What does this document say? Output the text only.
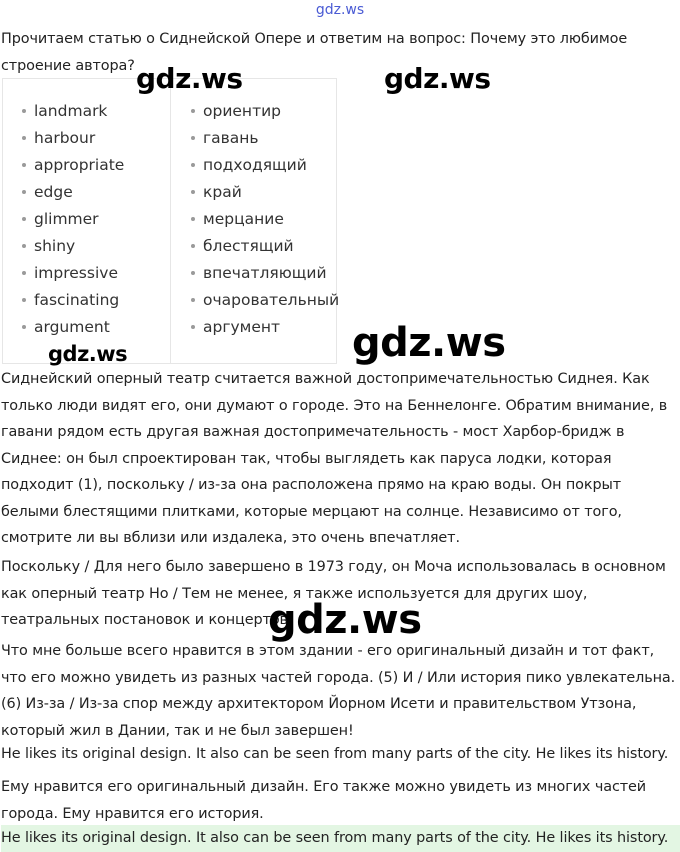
gdz.ws

Прочитаем статью о Сиднейской Опере и ответим на вопрос: Почему это любимое строение автора?

landmark
harbour
appropriate
edge
glimmer
shiny
impressive
fascinating
argument
ориентир
гавань
подходящий
край
мерцание
блестящий
впечатляющий
очаровательный
аргумент

Сиднейский оперный театр считается важной достопримечательностью Сиднея. Как только люди видят его, они думают о городе. Это на Беннелонге. Обратим внимание, в гавани рядом есть другая важная достопримечательность - мост Харбор-бридж в Сиднее: он был спроектирован так, чтобы выглядеть как паруса лодки, которая подходит (1), поскольку / из-за она расположена прямо на краю воды. Он покрыт белыми блестящими плитками, которые мерцают на солнце. Независимо от того, смотрите ли вы вблизи или издалека, это очень впечатляет.

Поскольку / Для него было завершено в 1973 году, он Моча использовалась в основном как оперный театр Но / Тем не менее, я также используется для других шоу, театральных постановок и концертов.

Что мне больше всего нравится в этом здании - его оригинальный дизайн и тот факт, что его можно увидеть из разных частей города. (5) И / Или история пико увлекательна. (6) Из-за / Из-за спор между архитектором Йорном Исети и правительством Утзона, который жил в Дании, так и не был завершен!

He likes its original design. It also can be seen from many parts of the city. He likes its history.

Ему нравится его оригинальный дизайн. Его также можно увидеть из многих частей города. Ему нравится его история.

He likes its original design. It also can be seen from many parts of the city. He likes its history.

gdz.ws	gdz.ws
gdz.ws	gdz.ws
gdz.ws
